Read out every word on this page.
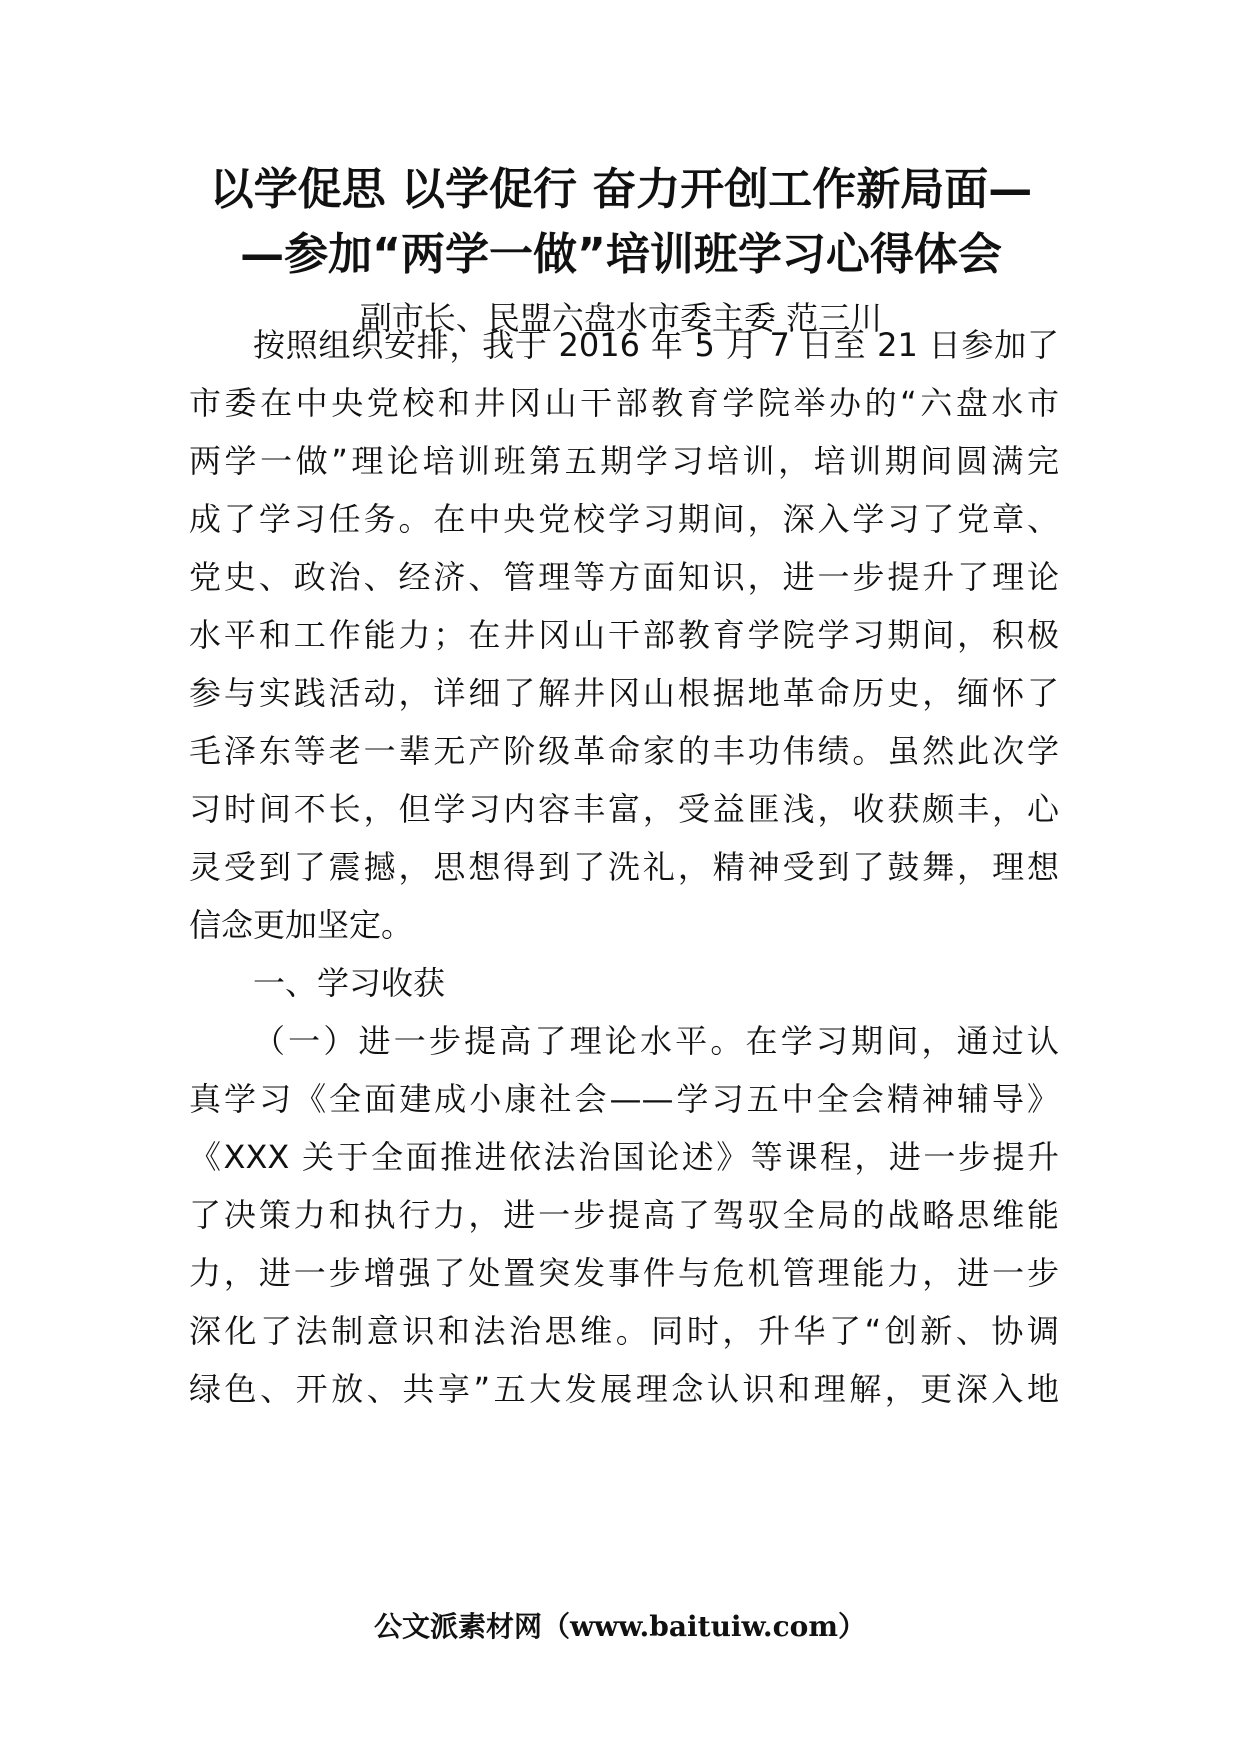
以学促思 以学促行 奋力开创工作新局面—
—参加“两学一做”培训班学习心得体会
副市长、民盟六盘水市委主委 范三川
按照组织安排，我于 2016 年 5 月 7 日至 21 日参加了
市委在中央党校和井冈山干部教育学院举办的“六盘水市
两学一做”理论培训班第五期学习培训，培训期间圆满完
成了学习任务。在中央党校学习期间，深入学习了党章、
党史、政治、经济、管理等方面知识，进一步提升了理论
水平和工作能力；在井冈山干部教育学院学习期间，积极
参与实践活动，详细了解井冈山根据地革命历史，缅怀了
毛泽东等老一辈无产阶级革命家的丰功伟绩。虽然此次学
习时间不长，但学习内容丰富，受益匪浅，收获颇丰，心
灵受到了震撼，思想得到了洗礼，精神受到了鼓舞，理想
信念更加坚定。
一、学习收获
（一）进一步提高了理论水平。在学习期间，通过认
真学习《全面建成小康社会——学习五中全会精神辅导》
《XXX 关于全面推进依法治国论述》等课程，进一步提升
了决策力和执行力，进一步提高了驾驭全局的战略思维能
力，进一步增强了处置突发事件与危机管理能力，进一步
深化了法制意识和法治思维。同时，升华了“创新、协调
绿色、开放、共享”五大发展理念认识和理解，更深入地
公文派素材网（www.baituiw.com）
